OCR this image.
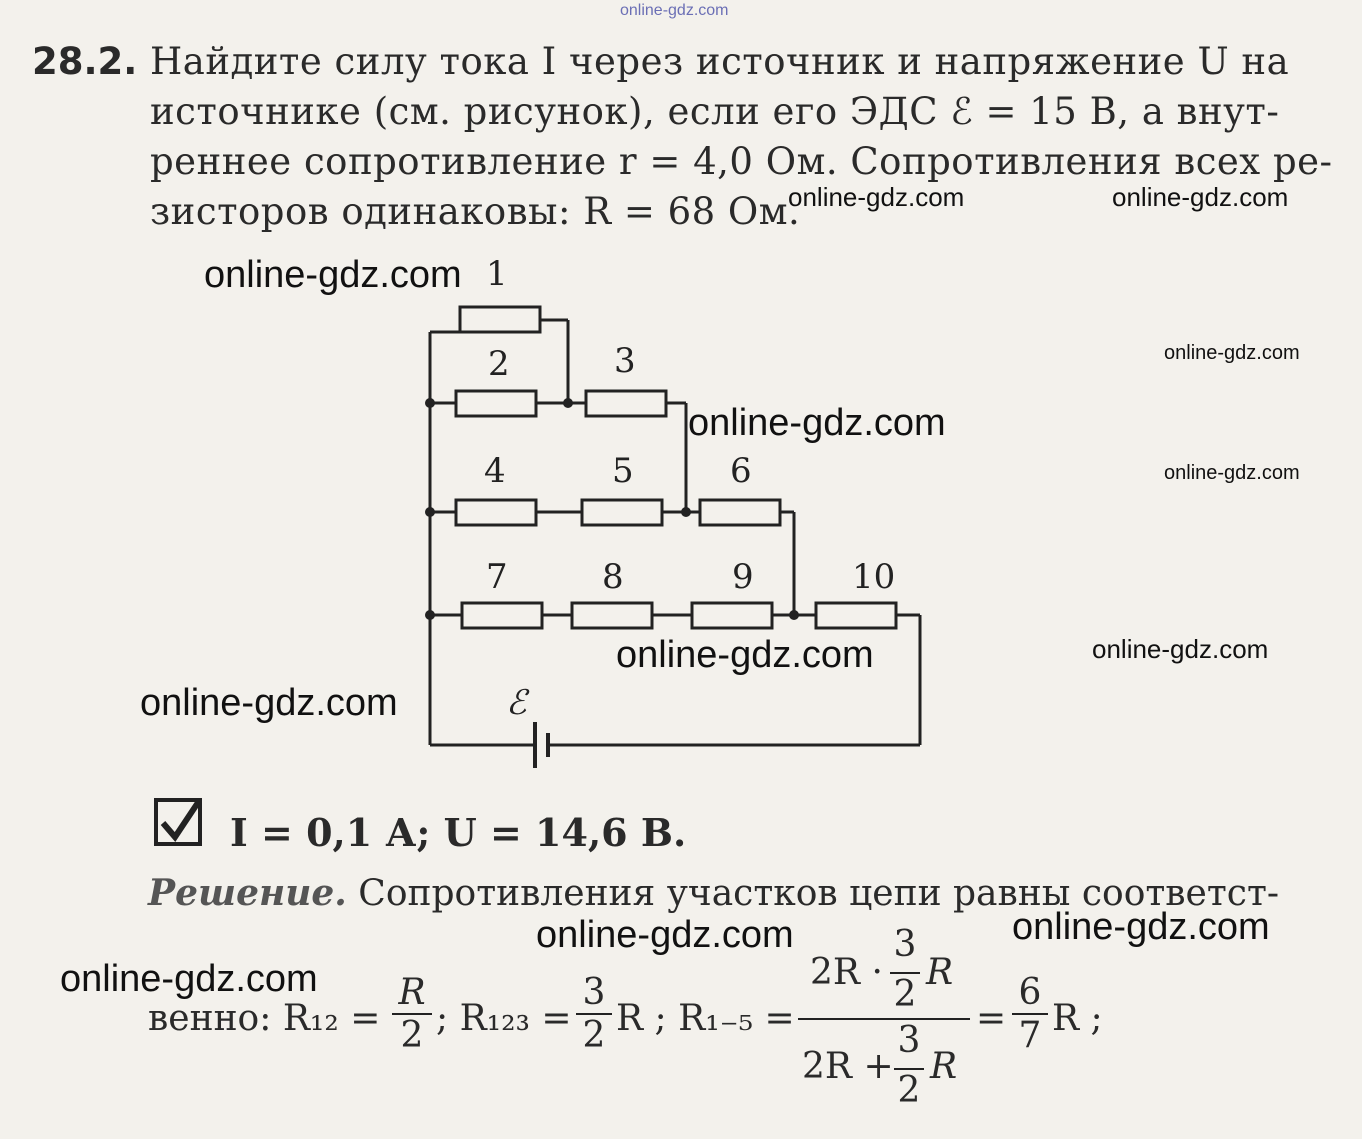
online-gdz.com
28.2. Найдите силу тока I через источник и напряжение U на
источнике (см. рисунок), если его ЭДС ℰ = 15 В, а внут-
реннее сопротивление r = 4,0 Ом. Сопротивления всех ре-
зисторов одинаковы: R = 68 Ом.
1
2	3
4	5	6
7	8	9	10
ℰ
I = 0,1 А; U = 14,6 В.
Решение. Сопротивления участков цепи равны соответст-
венно: $R_{12} = \frac{R}{2}$ ; $R_{123} = \frac{3}{2}$ R ; R₁₋₅ = 2R ·
3
2
R
2R +
3
2
$R = \frac{6}{7}$ R ;
online-gdz.com	online-gdz.com
online-gdz.com
online-gdz.com
online-gdz.com
online-gdz.com
online-gdz.com	online-gdz.com
online-gdz.com
online-gdz.com	online-gdz.com
online-gdz.com
